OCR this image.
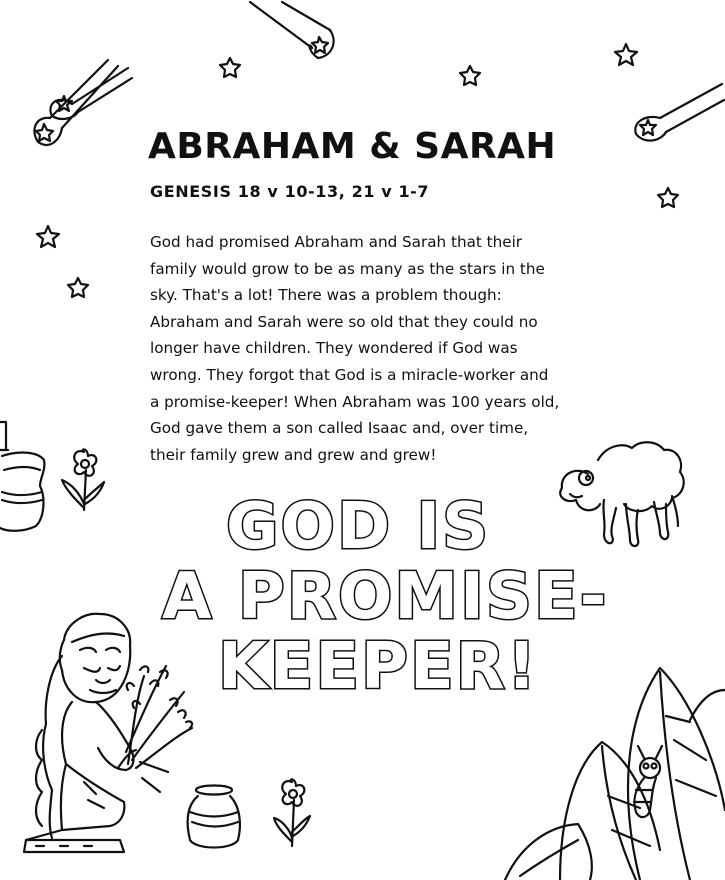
ABRAHAM & SARAH

GENESIS 18 v 10-13, 21 v 1-7

God had promised Abraham and Sarah that their family would grow to be as many as the stars in the sky. That's a lot! There was a problem though: Abraham and Sarah were so old that they could no longer have children. They wondered if God was wrong. They forgot that God is a miracle-worker and a promise-keeper! When Abraham was 100 years old, God gave them a son called Isaac and, over time, their family grew and grew and grew!

GOD IS
A PROMISE-
KEEPER!
